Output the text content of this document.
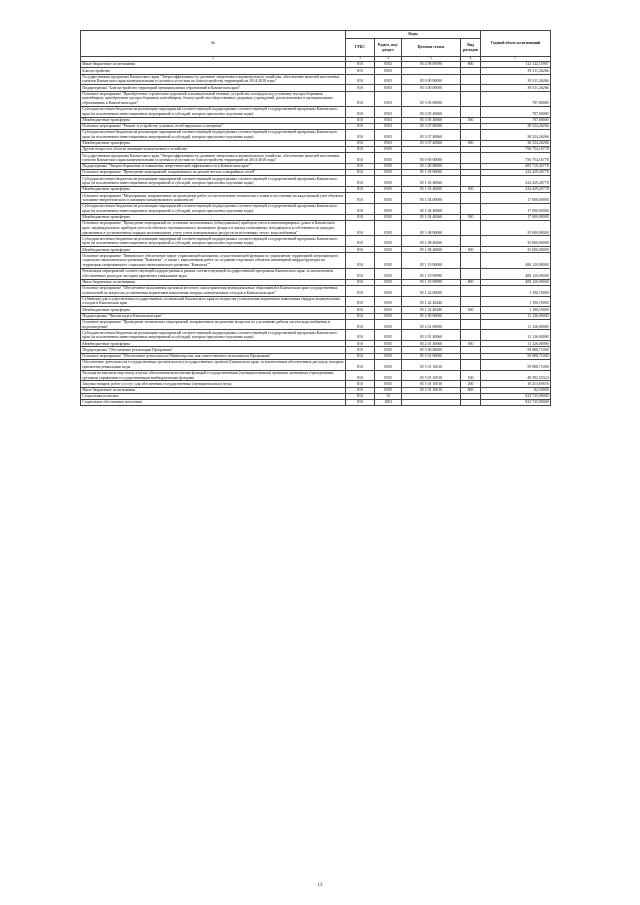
№	Коды				Годовой объем ассигнований
	ГРБС	Раздел, под-раздел	Целевая статья	Вид расходов	
2	3	4	5	6	7
Иные бюджетные ассигнования	810	0502	05 2 09 09590	800	112 142,15967
Благоустройство	810	0503			39 311,26266
Государственная программа Камчатского края "Энергоэффективность, развитие энергетики и коммунального хозяйства, обеспечение жителей населенных пунктов Камчатского края коммунальными услугами и услугами по благоустройству территорий на 2014-2018 годы"	810	0503	05 0 00 00000		39 311,26266
Подпрограмма "Благоустройство территорий муниципальных образований в Камчатском крае"	810	0503	05 3 00 00000		39 311,26266
Основное мероприятие "Приобретение строительно-дорожной и коммунальной техники, устройство площадок под установку мусоросборников, контейнеров, приобретение мусоросборников, контейнеров, благоустройство общественных дворовых учреждений, расположенных в муниципальных образованиях в Камчатском крае"	810	0503	05 3 05 00000		787,00000
Субсидии местным бюджетам на реализацию мероприятий соответствующей подпрограммы соответствующей государственной программы Камчатского края (за исключением инвестиционных мероприятий и субсидий, которые прислоены отдельные коды)	810	0503	05 3 05 40060		787,00000
Межбюджетные трансферты	810	0503	05 3 05 40060	500	787,00000
Основное мероприятие "Ремонт и устройство уличных сетей наружного освещения"	810	0503	05 3 07 00000		38 524,26266
Субсидии местным бюджетам на реализацию мероприятий соответствующей подпрограммы соответствующей государственной программы Камчатского края (за исключением инвестиционных мероприятий и субсидий, которые прислоены отдельные коды)	810	0503	05 3 07 40060		38 524,26266
Межбюджетные трансферты	810	0503	05 3 07 40060	500	38 524,26266
Другие вопросы в области жилищно-коммунального хозяйства	810	0505			756 754,16778
Государственная программа Камчатского края "Энергоэффективность, развитие энергетики и коммунального хозяйства, обеспечение жителей населенных пунктов Камчатского края коммунальными услугами и услугами по благоустройству территорий на 2014-2018 годы"	810	0505	05 0 00 00000		756 754,16778
Подпрограмма "Энергосбережение и повышение энергетической эффективности в Камчатском крае"	810	0505	05 1 00 00000		685 719,45778
Основное мероприятие "Проведение мероприятий, направленных на ремонт ветхих и аварийных сетей"	810	0505	05 1 03 00000		224 429,26778
Субсидии местным бюджетам на реализацию мероприятий соответствующей подпрограммы соответствующей государственной программы Камчатского края (за исключением инвестиционных мероприятий и субсидий, которые прислоены отдельные коды)	810	0505	05 1 03 40060		224 429,26778
Межбюджетные трансферты	810	0505	05 1 03 40060	500	224 429,26778
Основное мероприятие "Мероприятия, направленные на проведение работ по изготовлению технического плана и постановке на кадастровый учет объектов топливно-энергетического и жилищно-коммунального комплексов"	810	0505	05 1 04 00000		17 000,00000
Субсидии местным бюджетам на реализацию мероприятий соответствующей подпрограммы соответствующей государственной программы Камчатского края (за исключением инвестиционных мероприятий и субсидий, которые прислоены отдельные коды)	810	0505	05 1 04 40060		17 000,00000
Межбюджетные трансферты	810	0505	05 1 04 40060	500	17 000,00000
Основное мероприятие "Проведение мероприятий по установке коллективных (общедомовых) приборов учета в многоквартирных домах в Камчатском крае, индивидуальных приборов учета на объектах муниципального жилищного фонда и в жилых помещениях, находящихся в собственности граждан, признанных в установленном порядке малоимущими, учету учета коммунальных ресурсов на источниках тепло- водоснабжения"	810	0505	05 1 08 00000		35 000,00000
Субсидии местным бюджетам на реализацию мероприятий соответствующей подпрограммы соответствующей государственной программы Камчатского края (за исключением инвестиционных мероприятий и субсидий, которые прислоены отдельные коды)	810	0505	05 1 08 40060		35 000,00000
Межбюджетные трансферты	810	0505	05 1 08 40060	500	35 000,00000
Основное мероприятие "Финансовое обеспечение затрат управляющей компании, осуществляющей функции по управлению территорией опережающего социально-экономического развития "Камчатка", а также с выполнением работ по созданию отдельных объектов инженерной инфраструктуры на территории опережающего социально-экономического развития "Камчатка""	810	0505	05 1 19 00000		408 120,00000
Реализация мероприятий соответствующей подпрограммы в рамках соответствующей государственной программы Камчатского края, за исключением обеспеченных расходов, которым присвоены уникальные коды	810	0505	05 1 19 09990		408 120,00000
Иные бюджетные ассигнования	810	0505	05 1 19 09990	800	408 120,00000
Основное мероприятие "Обеспечение выполнения органами местного самоуправления муниципальных образований в Камчатском крае государственных полномочий по вопросам установления нормативов накопления твердых коммунальных отходов в Камчатском крае"	810	0505	05 1 22 00000		1 190,19000
Субвенции для осуществления государственных полномочий Камчатского края по вопросам установления нормативов накопления твердых коммунальных отходов в Камчатском крае	810	0505	05 1 22 40440		1 190,19000
Межбюджетные трансферты	810	0505	05 1 22 40440	500	1 190,19000
Подпрограмма "Чистая вода в Камчатском крае"	810	0505	05 2 00 00000		11 126,00000
Основное мероприятие "Проведение технических мероприятий, направленных на решение вопросов по улучшению работы систем водоснабжения и водоотведения"	810	0505	05 2 01 00000		11 126,00000
Субсидии местным бюджетам на реализацию мероприятий соответствующей подпрограммы соответствующей государственной программы Камчатского края (за исключением инвестиционных мероприятий и субсидий, которые прислоены отдельные коды)	810	0505	05 2 01 40060		11 126,00000
Межбюджетные трансферты	810	0505	05 2 01 40060	500	11 126,00000
Подпрограмма "Обеспечение реализации Программы"	810	0505	05 5 00 00000		59 888,71000
Основное мероприятие "Обеспечение деятельности Министерства, как ответственного исполнителя Программы"	810	0505	05 5 01 00000		59 888,71000
Обеспечение деятельности государственных органов власти (государственных органов) Камчатского края, за исключением обеспеченных расходов, которым присвоены уникальные коды	810	0505	05 5 01 10010		59 888,71000
Расходы на выплаты персоналу в целях обеспечения выполнения функций государственными (муниципальными) органами, казенными учреждениями, органами управления государственными внебюджетными фондами	810	0505	05 5 01 10010	100	49 392,55324
Закупка товаров, работ и услуг для обеспечения государственных (муниципальных) нужд	810	0505	05 5 01 10010	200	10 413,65676
Иные бюджетные ассигнования	810	0505	05 5 01 10010	800	82,50000
Социальная политика	810	10			923 735,00000
Социальное обеспечение населения	810	1003			923 735,00000
13
